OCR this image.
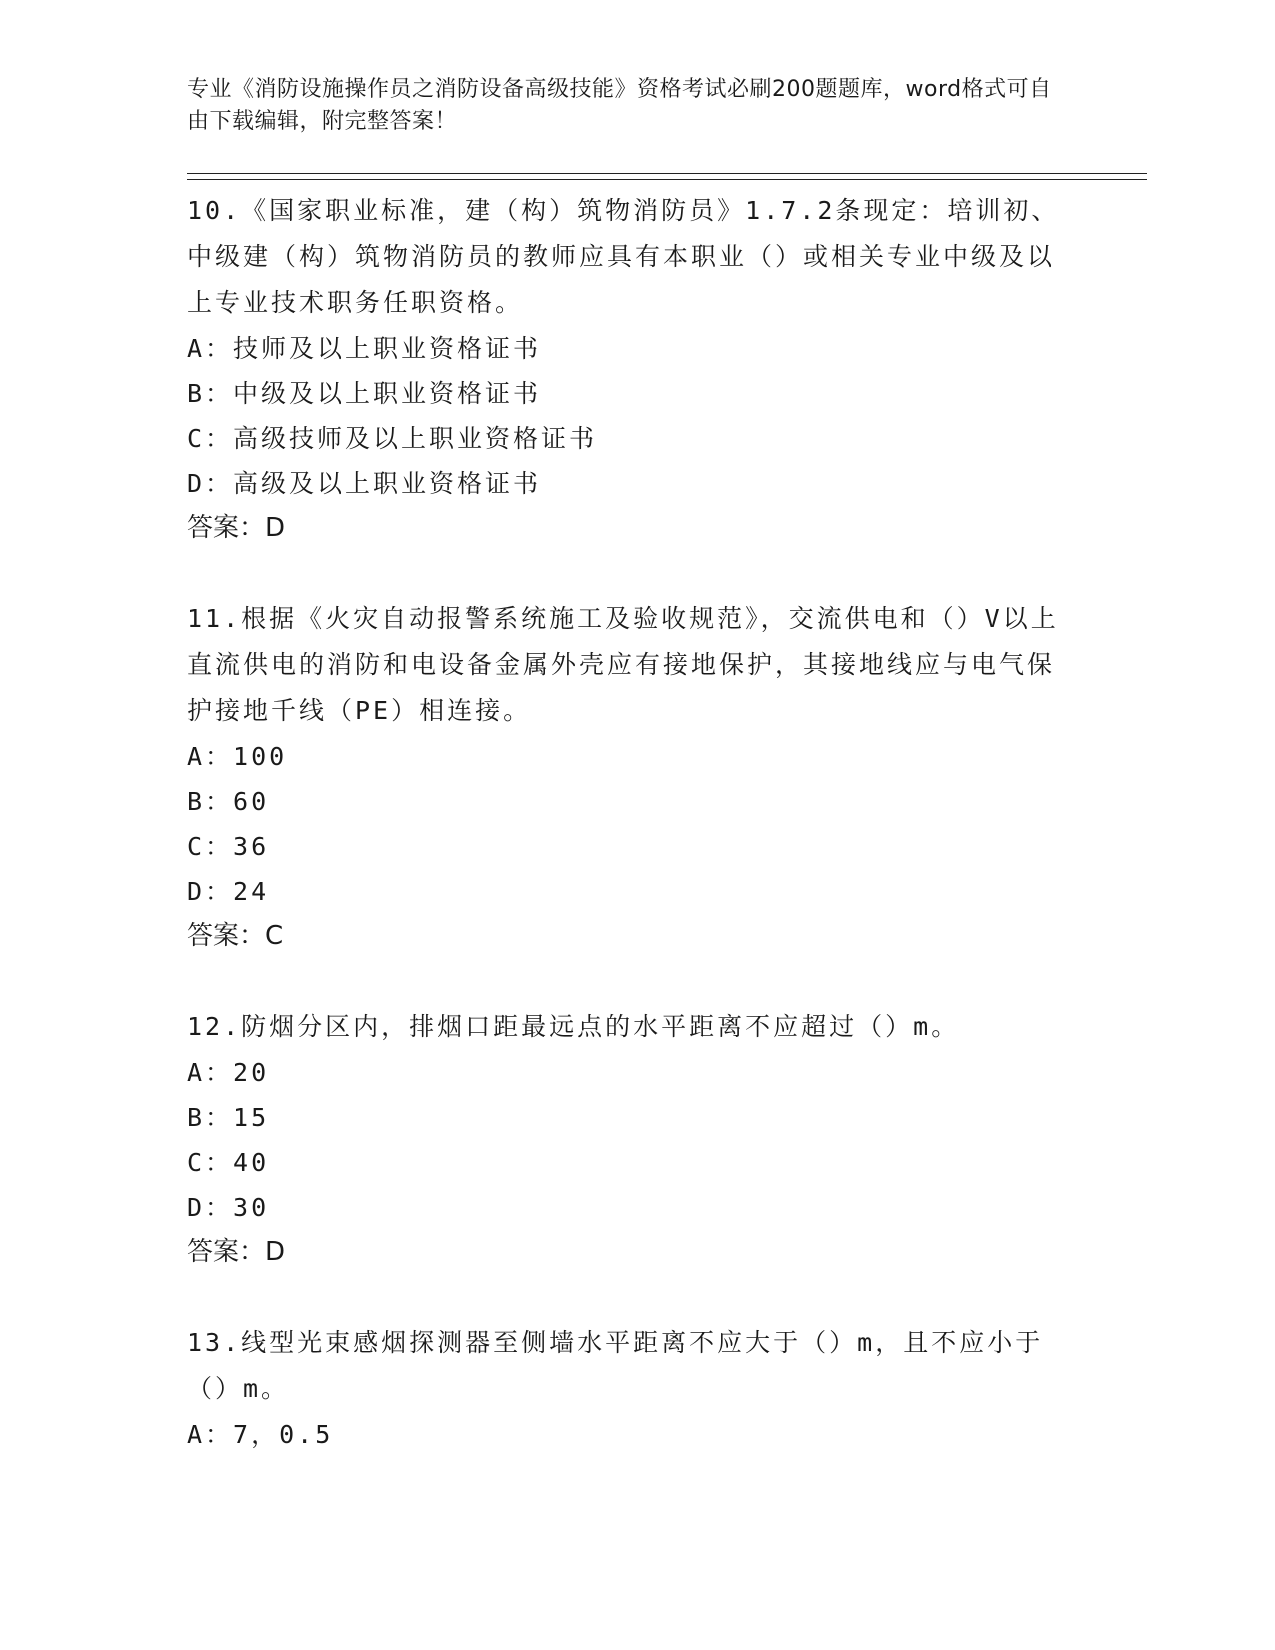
专业《消防设施操作员之消防设备高级技能》资格考试必刷200题题库，word格式可自由下载编辑，附完整答案！

10.《国家职业标准，建（构）筑物消防员》1.7.2条现定：培训初、中级建（构）筑物消防员的教师应具有本职业（）或相关专业中级及以上专业技术职务任职资格。

A：技师及以上职业资格证书

B：中级及以上职业资格证书

C：高级技师及以上职业资格证书

D：高级及以上职业资格证书

答案：D

11.根据《火灾自动报警系统施工及验收规范》，交流供电和（）V以上直流供电的消防和电设备金属外壳应有接地保护，其接地线应与电气保护接地千线（PE）相连接。

A：100

B：60

C：36

D：24

答案：C

12.防烟分区内，排烟口距最远点的水平距离不应超过（）m。

A：20

B：15

C：40

D：30

答案：D

13.线型光束感烟探测器至侧墙水平距离不应大于（）m，且不应小于（）m。

A：7，0.5
